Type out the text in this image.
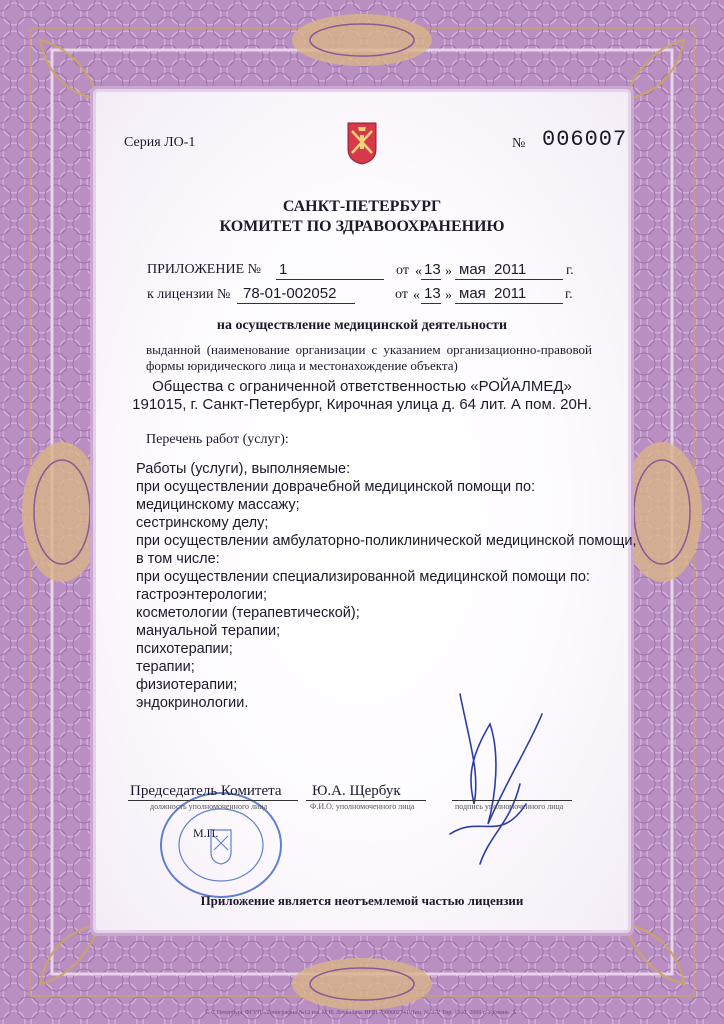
Серия ЛО-1	№ 006007
САНКТ-ПЕТЕРБУРГ
КОМИТЕТ ПО ЗДРАВООХРАНЕНИЮ
ПРИЛОЖЕНИЕ № 1	от « 13 » мая 2011	г.
к лицензии № 78-01-002052	от « 13 » мая 2011	г.
на осуществление медицинской деятельности
выданной (наименование организации с указанием организационно-правовой формы юридического лица и местонахождение объекта)
Общества с ограниченной ответственностью «РОЙАЛМЕД»
191015, г. Санкт-Петербург, Кирочная улица д. 64 лит. А пом. 20Н.
Перечень работ (услуг):
Работы (услуги), выполняемые:
при осуществлении доврачебной медицинской помощи по:
медицинскому массажу;
сестринскому делу;
при осуществлении амбулаторно-поликлинической медицинской помощи,
в том числе:
при осуществлении специализированной медицинской помощи по:
гастроэнтерологии;
косметологии (терапевтической);
мануальной терапии;
психотерапии;
терапии;
физиотерапии;
эндокринологии.
Председатель Комитета Ю.А. Щербук
должность уполномоченного лица	Ф.И.О. уполномоченного лица	подпись уполномоченного лица
М.П.
Приложение является неотъемлемой частью лицензии
© С.Петербург ФГУП «Типография №12 им. М.И. Лоханова» ИНН 7809002741 Лиц. № 372 Тир. 1200. 2009 г. Уровень „Б"
